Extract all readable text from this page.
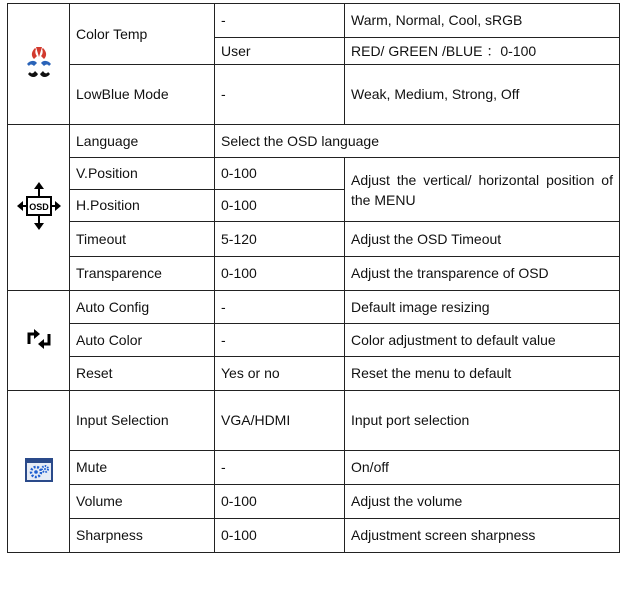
	Color Temp	-	Warm, Normal, Cool, sRGB
		User	RED/ GREEN /BLUE ：0-100
	LowBlue Mode	-	Weak, Medium, Strong, Off

OSD	Language	Select the OSD language	
	V.Position	0-100	Adjust the vertical/ horizontal position of the MENU
	H.Position	0-100	
	Timeout	5-120	Adjust the OSD Timeout
	Transparence	0-100	Adjust the transparence of OSD
	Auto Config	-	Default image resizing
	Auto Color	-	Color adjustment to default value
	Reset	Yes or no	Reset the menu to default
	Input Selection	VGA/HDMI	Input port selection
	Mute	-	On/off
	Volume	0-100	Adjust the volume
	Sharpness	0-100	Adjustment screen sharpness
